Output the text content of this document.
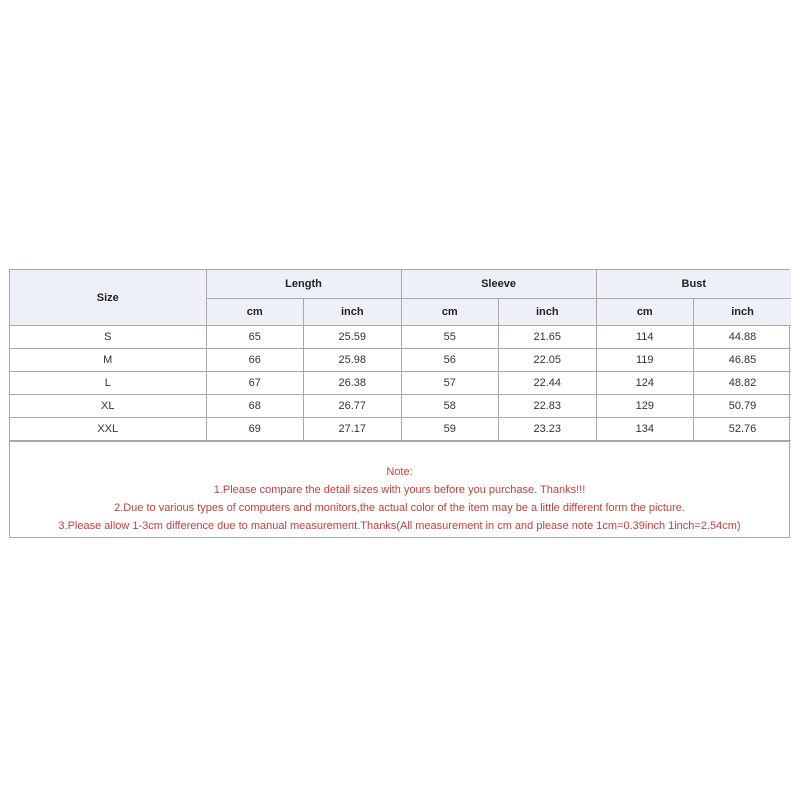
Size	Length		Sleeve		Bust	
	cm	inch	cm	inch	cm	inch
S	65	25.59	55	21.65	114	44.88
M	66	25.98	56	22.05	119	46.85
L	67	26.38	57	22.44	124	48.82
XL	68	26.77	58	22.83	129	50.79
XXL	69	27.17	59	23.23	134	52.76
Note:
1.Please compare the detail sizes with yours before you purchase. Thanks!!!
2.Due to various types of computers and monitors,the actual color of the item may be a little different form the picture.
3.Please allow 1-3cm difference due to manual measurement.Thanks(All measurement in cm and please note 1cm=0.39inch 1inch=2.54cm)
